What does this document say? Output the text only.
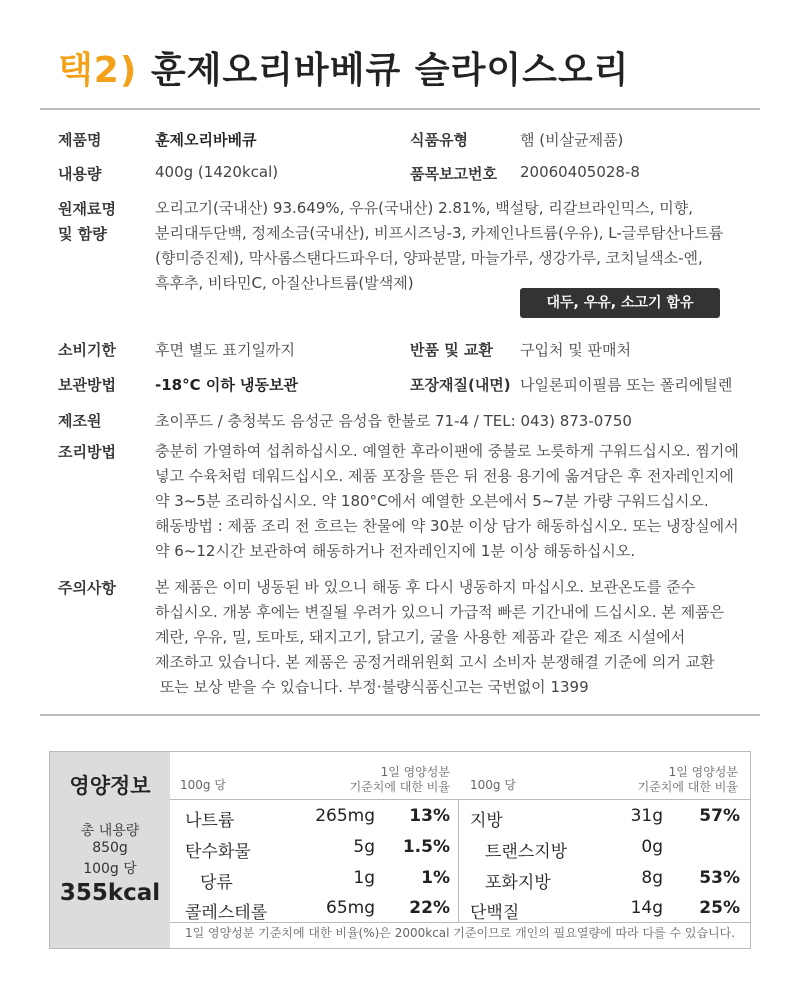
택2) 훈제오리바베큐 슬라이스오리
제품명	훈제오리바베큐	식품유형	햄 (비살균제품)
내용량	400g (1420kcal)	품목보고번호 20060405028-8
원재료명
및 함량
오리고기(국내산) 93.649%, 우유(국내산) 2.81%, 백설탕, 리갈브라인믹스, 미향,
분리대두단백, 정제소금(국내산), 비프시즈닝-3, 카제인나트륨(우유), L-글루탐산나트륨
(향미증진제), 막사롬스탠다드파우더, 양파분말, 마늘가루, 생강가루, 코치닐색소-엔,
흑후추, 비타민C, 아질산나트륨(발색제)
대두, 우유, 소고기 함유
소비기한	후면 별도 표기일까지	반품 및 교환 구입처 및 판매처
보관방법	-18°C 이하 냉동보관	포장재질(내면) 나일론피이필름 또는 폴리에틸렌
제조원	초이푸드 / 충청북도 음성군 음성읍 한불로 71-4 / TEL: 043) 873-0750
조리방법	충분히 가열하여 섭취하십시오. 예열한 후라이팬에 중불로 노릇하게 구워드십시오. 찜기에
넣고 수육처럼 데워드십시오. 제품 포장을 뜯은 뒤 전용 용기에 옮겨담은 후 전자레인지에
약 3~5분 조리하십시오. 약 180°C에서 예열한 오븐에서 5~7분 가량 구워드십시오.
해동방법 : 제품 조리 전 흐르는 찬물에 약 30분 이상 담가 해동하십시오. 또는 냉장실에서
약 6~12시간 보관하여 해동하거나 전자레인지에 1분 이상 해동하십시오.
주의사항	본 제품은 이미 냉동된 바 있으니 해동 후 다시 냉동하지 마십시오. 보관온도를 준수
하십시오. 개봉 후에는 변질될 우려가 있으니 가급적 빠른 기간내에 드십시오. 본 제품은
계란, 우유, 밀, 토마토, 돼지고기, 닭고기, 굴을 사용한 제품과 같은 제조 시설에서
제조하고 있습니다. 본 제품은 공정거래위원회 고시 소비자 분쟁해결 기준에 의거 교환
또는 보상 받을 수 있습니다. 부정·불량식품신고는 국번없이 1399
영양정보
총 내용량
850g
100g 당
355kcal
100g 당
1일 영양성분
기준치에 대한 비율 100g 당
1일 영양성분
기준치에 대한 비율
나트륨	265mg	13% 지방	31g	57%
탄수화물	5g	1.5% 트랜스지방	0g
당류	1g	1% 포화지방	8g	53%
콜레스테롤	65mg	22% 단백질	14g	25%
1일 영양성분 기준치에 대한 비율(%)은 2000kcal 기준이므로 개인의 필요열량에 따라 다를 수 있습니다.
